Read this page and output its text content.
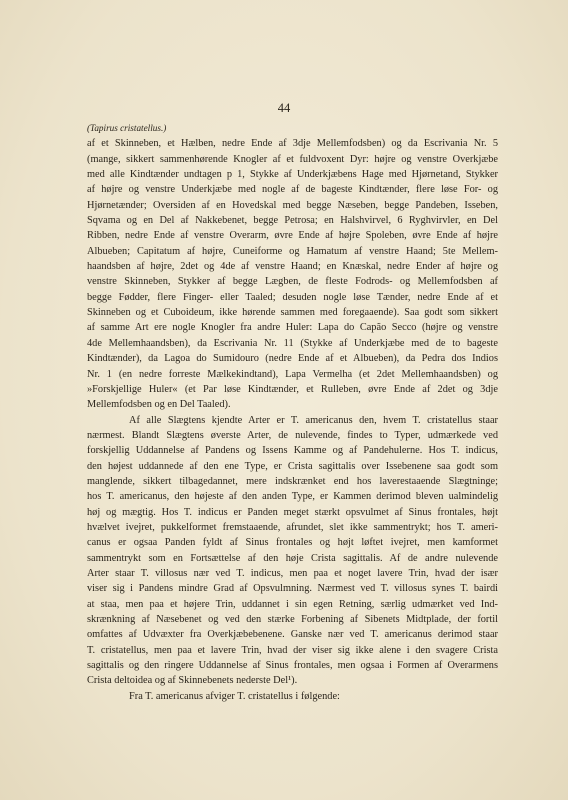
44
(Tapirus cristatellus.)
af et Skinneben, et Hælben, nedre Ende af 3dje Mellemfodsben) og da Escrivania Nr. 5
(mange, sikkert sammenhørende Knogler af et fuldvoxent Dyr: højre og venstre Overkjæbe
med alle Kindtænder undtagen p 1, Stykke af Underkjæbens Hage med Hjørnetand, Stykker
af højre og venstre Underkjæbe med nogle af de bageste Kindtænder, flere løse For- og
Hjørnetænder; Oversiden af en Hovedskal med begge Næseben, begge Pandeben, Isseben,
Sqvama og en Del af Nakkebenet, begge Petrosa; en Halshvirvel, 6 Ryghvirvler, en Del
Ribben, nedre Ende af venstre Overarm, øvre Ende af højre Spoleben, øvre Ende af højre
Albueben; Capitatum af højre, Cuneiforme og Hamatum af venstre Haand; 5te Mellem-
haandsben af højre, 2det og 4de af venstre Haand; en Knæskal, nedre Ender af højre og
venstre Skinneben, Stykker af begge Lægben, de fleste Fodrods- og Mellemfodsben af
begge Fødder, flere Finger- eller Taaled; desuden nogle løse Tænder, nedre Ende af et
Skinneben og et Cuboideum, ikke hørende sammen med foregaaende). Saa godt som sikkert
af samme Art ere nogle Knogler fra andre Huler: Lapa do Capão Secco (højre og venstre
4de Mellemhaandsben), da Escrivania Nr. 11 (Stykke af Underkjæbe med de to bageste
Kindtænder), da Lagoa do Sumidouro (nedre Ende af et Albueben), da Pedra dos Indios
Nr. 1 (en nedre forreste Mælkekindtand), Lapa Vermelha (et 2det Mellemhaandsben) og
»Forskjellige Huler« (et Par løse Kindtænder, et Rulleben, øvre Ende af 2det og 3dje
Mellemfodsben og en Del Taaled).
Af alle Slægtens kjendte Arter er T. americanus den, hvem T. cristatellus staar
nærmest. Blandt Slægtens øverste Arter, de nulevende, findes to Typer, udmærkede ved
forskjellig Uddannelse af Pandens og Issens Kamme og af Pandehulerne. Hos T. indicus,
den højest uddannede af den ene Type, er Crista sagittalis over Issebenene saa godt som
manglende, sikkert tilbagedannet, mere indskrænket end hos laverestaaende Slægtninge;
hos T. americanus, den højeste af den anden Type, er Kammen derimod bleven ualmindelig
høj og mægtig. Hos T. indicus er Panden meget stærkt opsvulmet af Sinus frontales, højt
hvælvet ivejret, pukkelformet fremstaaende, afrundet, slet ikke sammentrykt; hos T. ameri-
canus er ogsaa Panden fyldt af Sinus frontales og højt løftet ivejret, men kamformet
sammentrykt som en Fortsættelse af den høje Crista sagittalis. Af de andre nulevende
Arter staar T. villosus nær ved T. indicus, men paa et noget lavere Trin, hvad der især
viser sig i Pandens mindre Grad af Opsvulmning. Nærmest ved T. villosus synes T. bairdi
at staa, men paa et højere Trin, uddannet i sin egen Retning, særlig udmærket ved Ind-
skrænkning af Næsebenet og ved den stærke Forbening af Sibenets Midtplade, der fortil
omfattes af Udvæxter fra Overkjæbebenene. Ganske nær ved T. americanus derimod staar
T. cristatellus, men paa et lavere Trin, hvad der viser sig ikke alene i den svagere Crista
sagittalis og den ringere Uddannelse af Sinus frontales, men ogsaa i Formen af Overarmens
Crista deltoidea og af Skinnebenets nederste Del¹).
Fra T. americanus afviger T. cristatellus i følgende:
